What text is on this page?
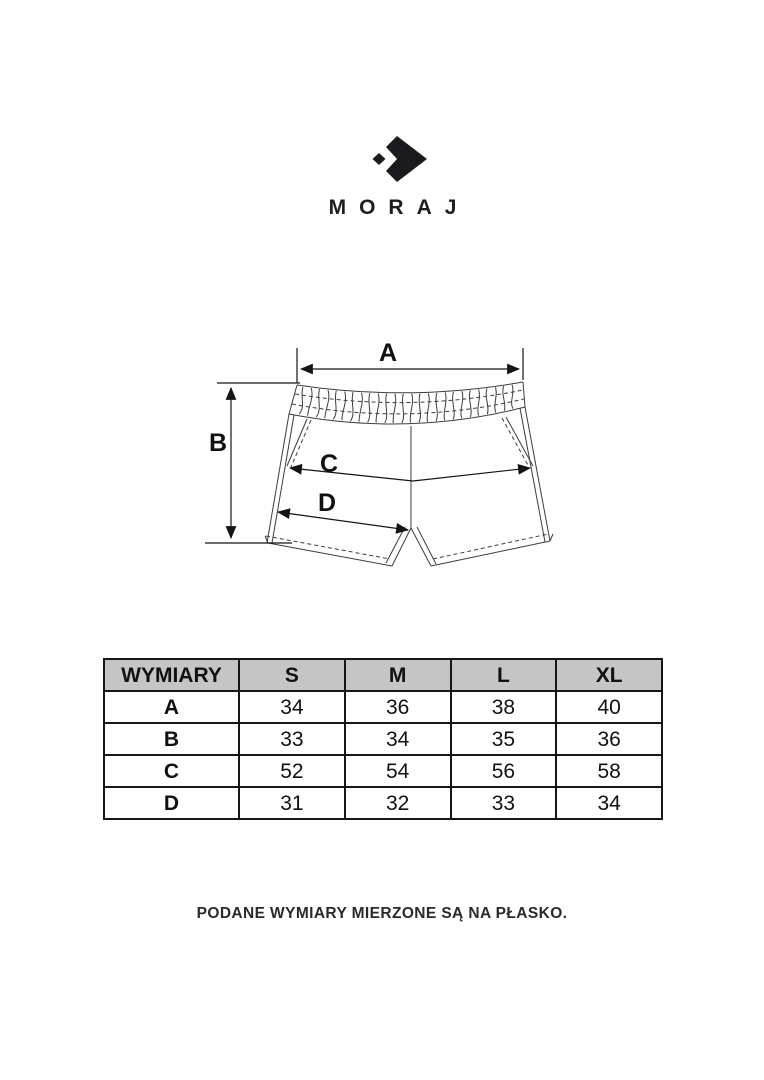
MORAJ
A
B
C
D
WYMIARY	S	M	L	XL
A	34	36	38	40
B	33	34	35	36
C	52	54	56	58
D	31	32	33	34
PODANE WYMIARY MIERZONE SĄ NA PŁASKO.
